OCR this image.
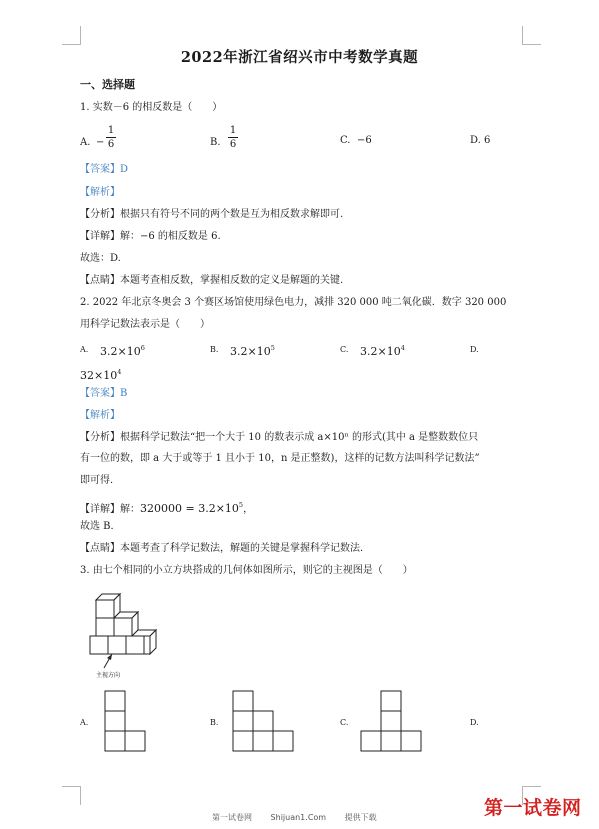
2022年浙江省绍兴市中考数学真题
一、选择题
1. 实数－6 的相反数是（　　）
A. −
1
6	B.
1
6	C. −6	D. 6
【答案】D
【解析】
【分析】根据只有符号不同的两个数是互为相反数求解即可.
【详解】解：−6 的相反数是 6.
故选：D.
【点睛】本题考查相反数，掌握相反数的定义是解题的关键.
2. 2022 年北京冬奥会 3 个赛区场馆使用绿色电力，减排 320 000 吨二氧化碳．数字 320 000
用科学记数法表示是（　　）
A. $3.2\times 10^6$	B. $3.2\times 10^5$	C. $3.2\times 10^4$	D.
$32\times 10^4$
【答案】B
【解析】
【分析】根据科学记数法“把一个大于 10 的数表示成 a×10ⁿ 的形式(其中 a 是整数数位只
有一位的数，即 a 大于或等于 1 且小于 10，n 是正整数)，这样的记数方法叫科学记数法”
即可得．
【详解】解：$320000 = 3.2\times 10^5$，
故选 B．
【点睛】本题考查了科学记数法，解题的关键是掌握科学记数法．
3. 由七个相同的小立方块搭成的几何体如图所示，则它的主视图是（　　）
主视方向
A.	B.	C.	D.
第一试卷网 Shijuan1.Com 提供下载	第一试卷网
